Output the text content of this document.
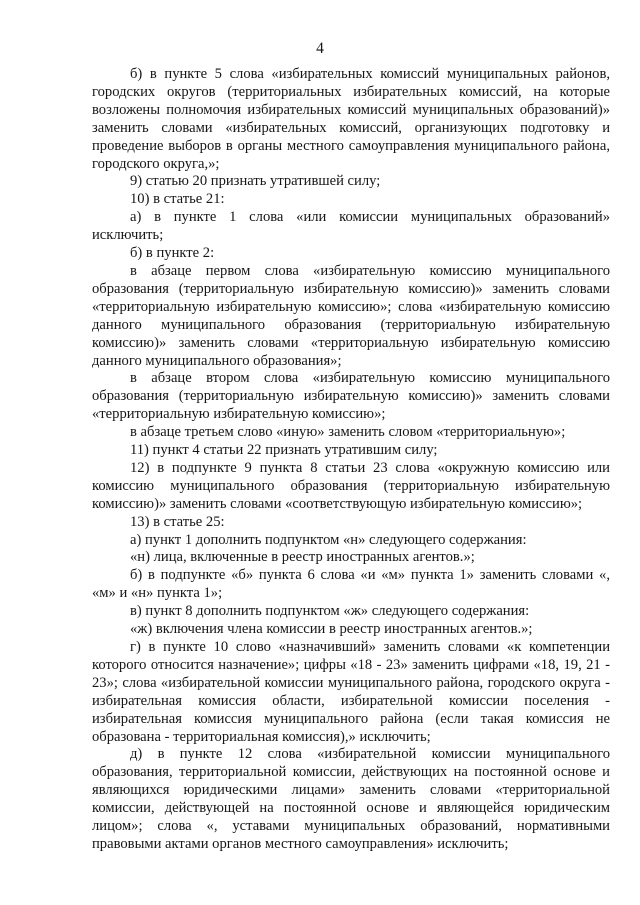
4

б) в пункте 5 слова «избирательных комиссий муниципальных районов, городских округов (территориальных избирательных комиссий, на которые возложены полномочия избирательных комиссий муниципальных образований)» заменить словами «избирательных комиссий, организующих подготовку и проведение выборов в органы местного самоуправления муниципального района, городского округа,»;

9) статью 20 признать утратившей силу;

10) в статье 21:

а) в пункте 1 слова «или комиссии муниципальных образований» исключить;

б) в пункте 2:

в абзаце первом слова «избирательную комиссию муниципального образования (территориальную избирательную комиссию)» заменить словами «территориальную избирательную комиссию»; слова «избирательную комиссию данного муниципального образования (территориальную избирательную комиссию)» заменить словами «территориальную избирательную комиссию данного муниципального образования»;

в абзаце втором слова «избирательную комиссию муниципального образования (территориальную избирательную комиссию)» заменить словами «территориальную избирательную комиссию»;

в абзаце третьем слово «иную» заменить словом «территориальную»;

11) пункт 4 статьи 22 признать утратившим силу;

12) в подпункте 9 пункта 8 статьи 23 слова «окружную комиссию или комиссию муниципального образования (территориальную избирательную комиссию)» заменить словами «соответствующую избирательную комиссию»;

13) в статье 25:

а) пункт 1 дополнить подпунктом «н» следующего содержания:

«н) лица, включенные в реестр иностранных агентов.»;

б) в подпункте «б» пункта 6 слова «и «м» пункта 1» заменить словами «, «м» и «н» пункта 1»;

в) пункт 8 дополнить подпунктом «ж» следующего содержания:

«ж) включения члена комиссии в реестр иностранных агентов.»;

г) в пункте 10 слово «назначивший» заменить словами «к компетенции которого относится назначение»; цифры «18 - 23» заменить цифрами «18, 19, 21 - 23»; слова «избирательной комиссии муниципального района, городского округа - избирательная комиссия области, избирательной комиссии поселения - избирательная комиссия муниципального района (если такая комиссия не образована - территориальная комиссия),» исключить;

д) в пункте 12 слова «избирательной комиссии муниципального образования, территориальной комиссии, действующих на постоянной основе и являющихся юридическими лицами» заменить словами «территориальной комиссии, действующей на постоянной основе и являющейся юридическим лицом»; слова «, уставами муниципальных образований, нормативными правовыми актами органов местного самоуправления» исключить;
